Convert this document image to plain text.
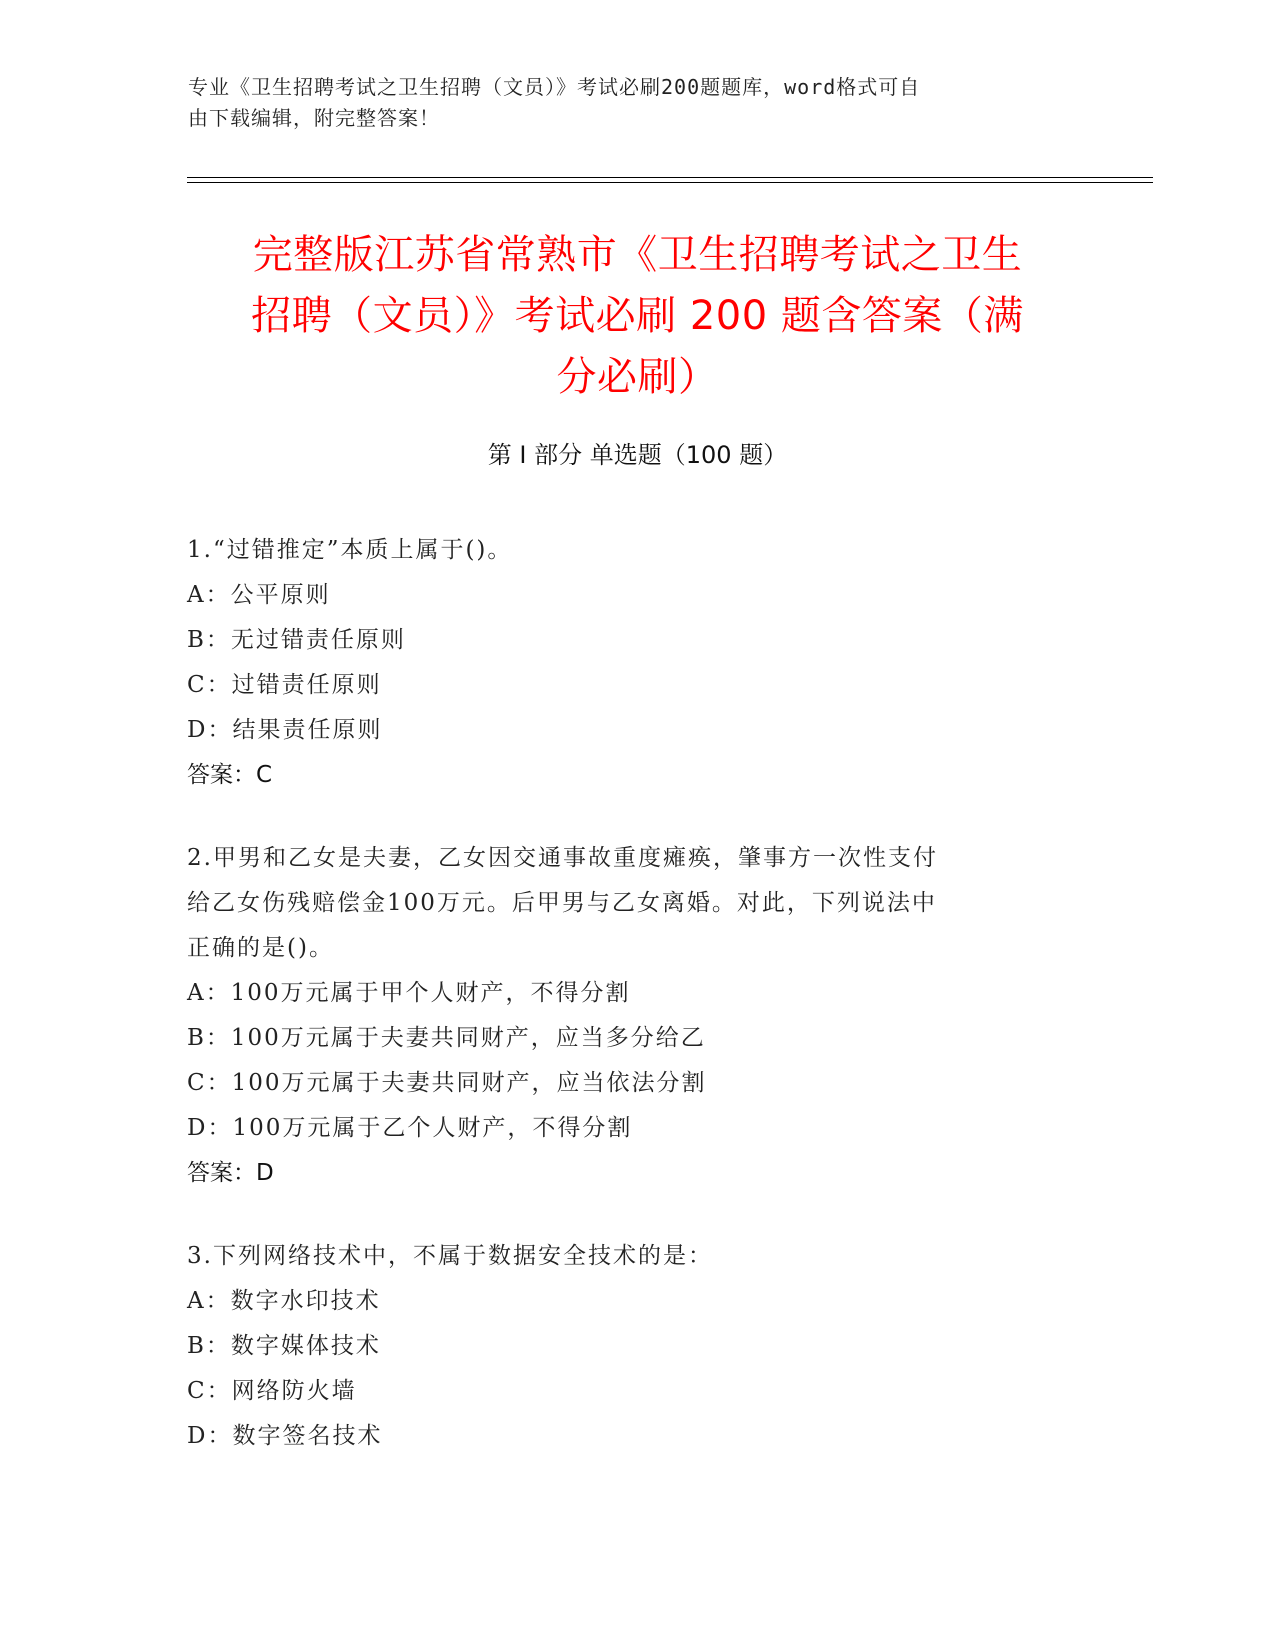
专业《卫生招聘考试之卫生招聘（文员）》考试必刷200题题库，word格式可自
由下载编辑，附完整答案！
完整版江苏省常熟市《卫生招聘考试之卫生
招聘（文员）》考试必刷 200 题含答案（满
分必刷）
第 I 部分 单选题（100 题）
1.“过错推定”本质上属于()。
A：公平原则
B：无过错责任原则
C：过错责任原则
D：结果责任原则
答案：C
2.甲男和乙女是夫妻，乙女因交通事故重度瘫痪，肇事方一次性支付
给乙女伤残赔偿金100万元。后甲男与乙女离婚。对此，下列说法中
正确的是()。
A：100万元属于甲个人财产，不得分割
B：100万元属于夫妻共同财产，应当多分给乙
C：100万元属于夫妻共同财产，应当依法分割
D：100万元属于乙个人财产，不得分割
答案：D
3.下列网络技术中，不属于数据安全技术的是：
A：数字水印技术
B：数字媒体技术
C：网络防火墙
D：数字签名技术
